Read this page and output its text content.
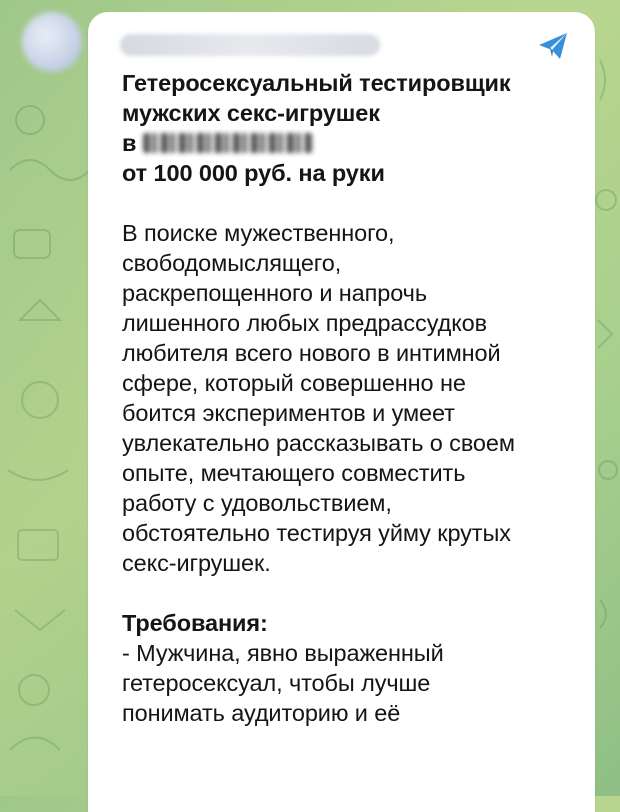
Гетеросексуальный тестировщик

мужских секс-игрушек

в

от 100 000 руб. на руки

В поиске мужественного,

свободомыслящего,

раскрепощенного и напрочь

лишенного любых предрассудков

любителя всего нового в интимной

сфере, который совершенно не

боится экспериментов и умеет

увлекательно рассказывать о своем

опыте, мечтающего совместить

работу с удовольствием,

обстоятельно тестируя уйму крутых

секс-игрушек.

Требования:

- Мужчина, явно выраженный

гетеросексуал, чтобы лучше

понимать аудиторию и её
